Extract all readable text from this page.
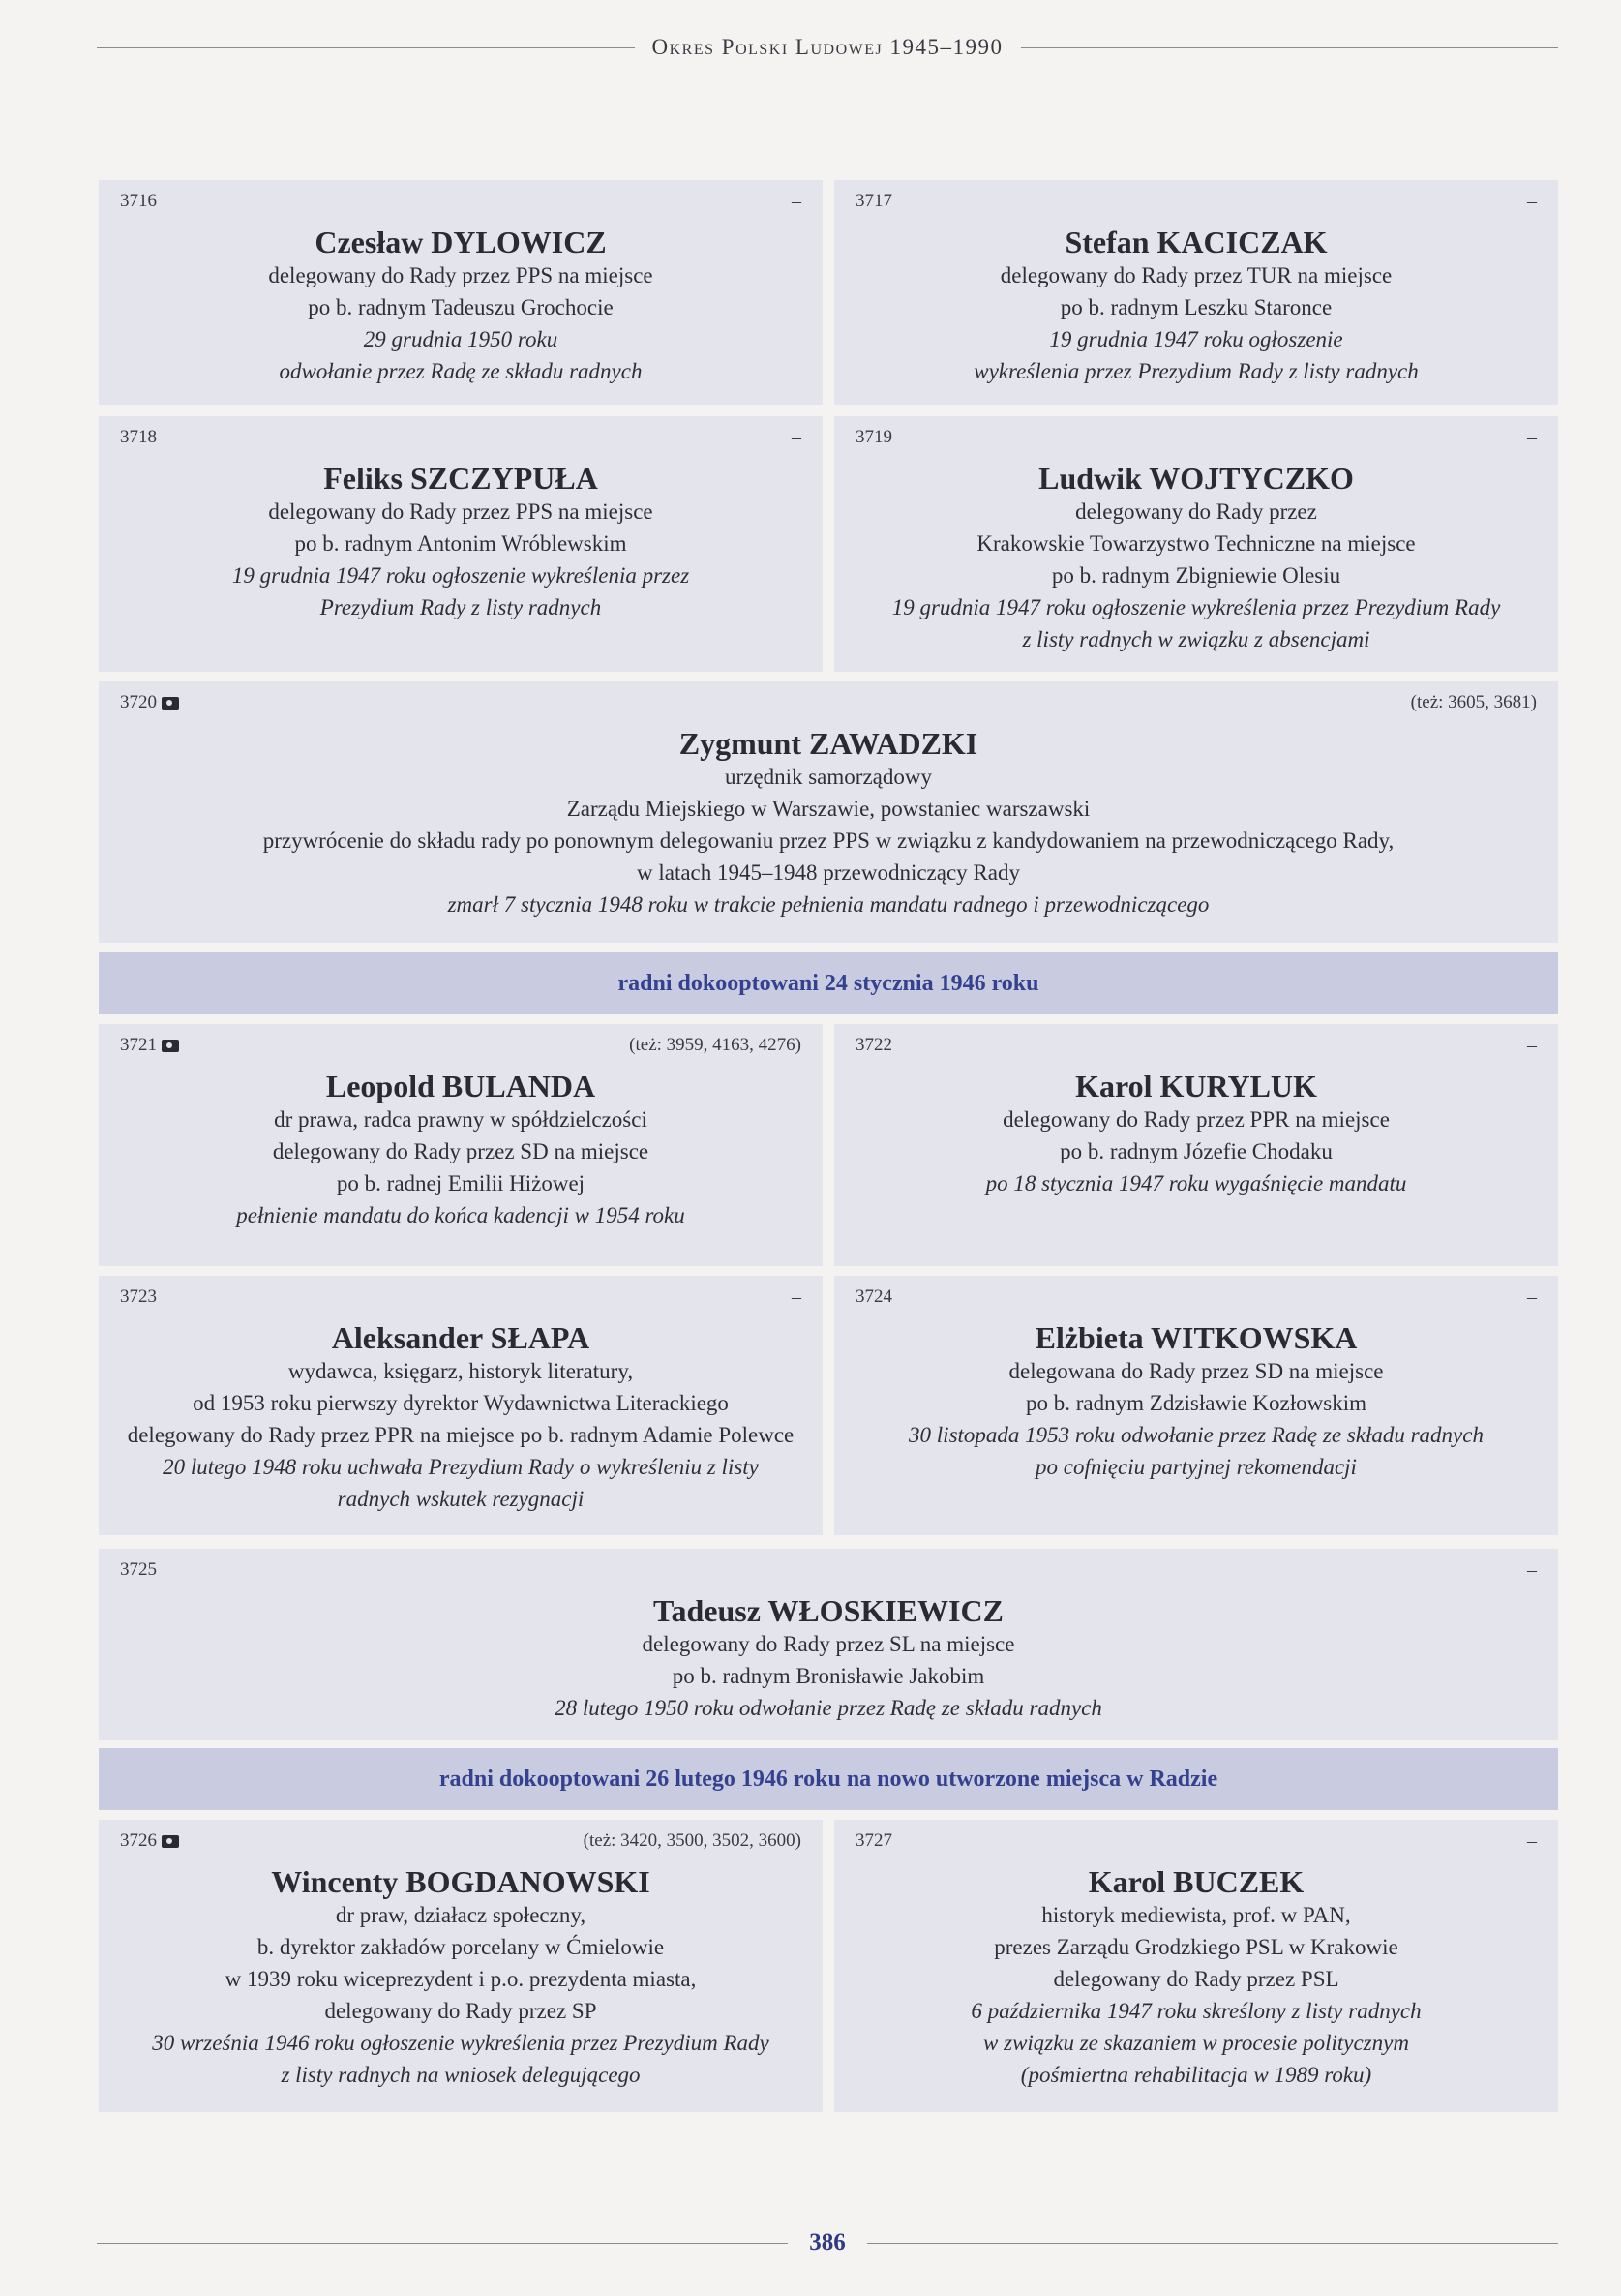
Okres Polski Ludowej 1945–1990
3716	–
Czesław DYLOWICZ
delegowany do Rady przez PPS na miejsce
po b. radnym Tadeuszu Grochocie
29 grudnia 1950 roku
odwołanie przez Radę ze składu radnych
3717	–
Stefan KACICZAK
delegowany do Rady przez TUR na miejsce
po b. radnym Leszku Staronce
19 grudnia 1947 roku ogłoszenie
wykreślenia przez Prezydium Rady z listy radnych
3718	–
Feliks SZCZYPUŁA
delegowany do Rady przez PPS na miejsce
po b. radnym Antonim Wróblewskim
19 grudnia 1947 roku ogłoszenie wykreślenia przez
Prezydium Rady z listy radnych
3719	–
Ludwik WOJTYCZKO
delegowany do Rady przez
Krakowskie Towarzystwo Techniczne na miejsce
po b. radnym Zbigniewie Olesiu
19 grudnia 1947 roku ogłoszenie wykreślenia przez Prezydium Rady
z listy radnych w związku z absencjami
3720	(też: 3605, 3681)
Zygmunt ZAWADZKI
urzędnik samorządowy
Zarządu Miejskiego w Warszawie, powstaniec warszawski
przywrócenie do składu rady po ponownym delegowaniu przez PPS w związku z kandydowaniem na przewodniczącego Rady,
w latach 1945–1948 przewodniczący Rady
zmarł 7 stycznia 1948 roku w trakcie pełnienia mandatu radnego i przewodniczącego
radni dokooptowani 24 stycznia 1946 roku
3721	(też: 3959, 4163, 4276)
Leopold BULANDA
dr prawa, radca prawny w spółdzielczości
delegowany do Rady przez SD na miejsce
po b. radnej Emilii Hiżowej
pełnienie mandatu do końca kadencji w 1954 roku
3722	–
Karol KURYLUK
delegowany do Rady przez PPR na miejsce
po b. radnym Józefie Chodaku
po 18 stycznia 1947 roku wygaśnięcie mandatu
3723	–
Aleksander SŁAPA
wydawca, księgarz, historyk literatury,
od 1953 roku pierwszy dyrektor Wydawnictwa Literackiego
delegowany do Rady przez PPR na miejsce po b. radnym Adamie Polewce
20 lutego 1948 roku uchwała Prezydium Rady o wykreśleniu z listy
radnych wskutek rezygnacji
3724	–
Elżbieta WITKOWSKA
delegowana do Rady przez SD na miejsce
po b. radnym Zdzisławie Kozłowskim
30 listopada 1953 roku odwołanie przez Radę ze składu radnych
po cofnięciu partyjnej rekomendacji
3725	–
Tadeusz WŁOSKIEWICZ
delegowany do Rady przez SL na miejsce
po b. radnym Bronisławie Jakobim
28 lutego 1950 roku odwołanie przez Radę ze składu radnych
radni dokooptowani 26 lutego 1946 roku na nowo utworzone miejsca w Radzie
3726	(też: 3420, 3500, 3502, 3600)
Wincenty BOGDANOWSKI
dr praw, działacz społeczny,
b. dyrektor zakładów porcelany w Ćmielowie
w 1939 roku wiceprezydent i p.o. prezydenta miasta,
delegowany do Rady przez SP
30 września 1946 roku ogłoszenie wykreślenia przez Prezydium Rady
z listy radnych na wniosek delegującego
3727	–
Karol BUCZEK
historyk mediewista, prof. w PAN,
prezes Zarządu Grodzkiego PSL w Krakowie
delegowany do Rady przez PSL
6 października 1947 roku skreślony z listy radnych
w związku ze skazaniem w procesie politycznym
(pośmiertna rehabilitacja w 1989 roku)
386
